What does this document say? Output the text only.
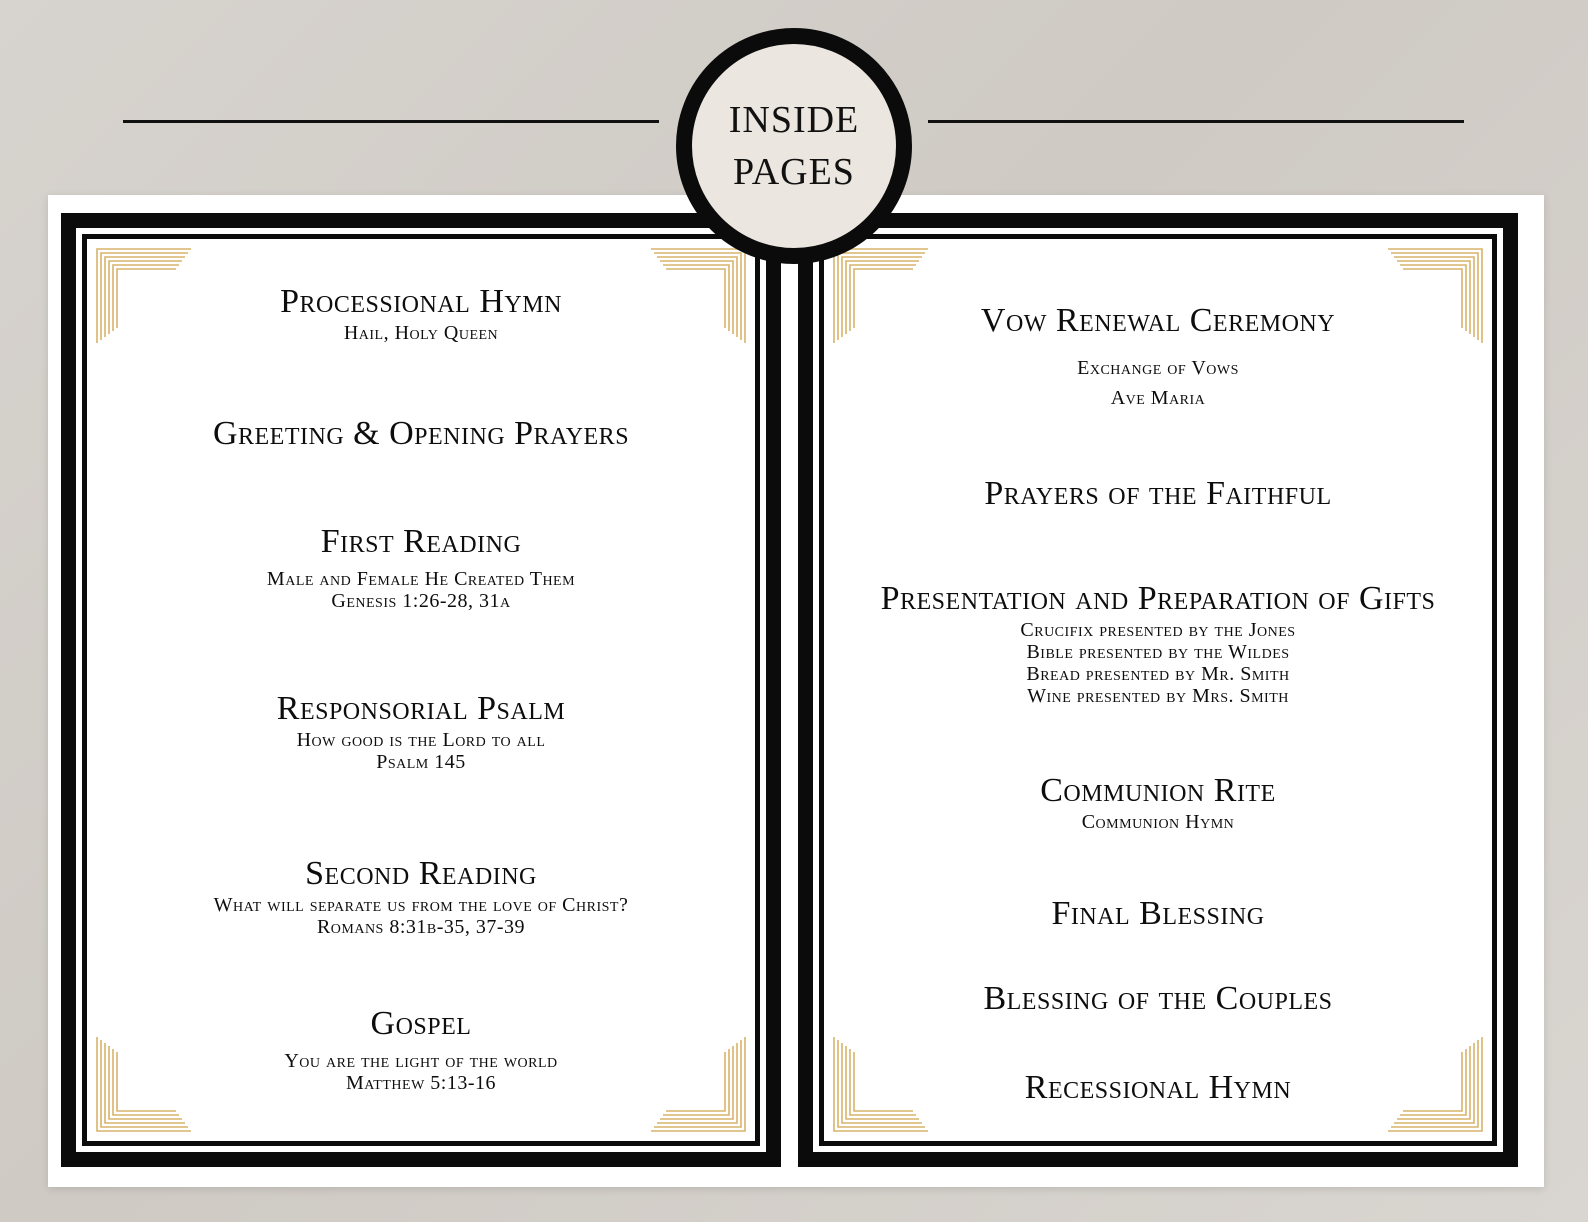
Processional Hymn
Hail, Holy Queen
Greeting & Opening Prayers
First Reading
Male and Female He Created Them
Genesis 1:26-28, 31a
Responsorial Psalm
How good is the Lord to all
Psalm 145
Second Reading
What will separate us from the love of Christ?
Romans 8:31b-35, 37-39
Gospel
You are the light of the world
Matthew 5:13-16
Vow Renewal Ceremony
Exchange of Vows
Ave Maria
Prayers of the Faithful
Presentation and Preparation of Gifts
Crucifix presented by the Jones
Bible presented by the Wildes
Bread presented by Mr. Smith
Wine presented by Mrs. Smith
Communion Rite
Communion Hymn
Final Blessing
Blessing of the Couples
Recessional Hymn
INSIDE
PAGES
